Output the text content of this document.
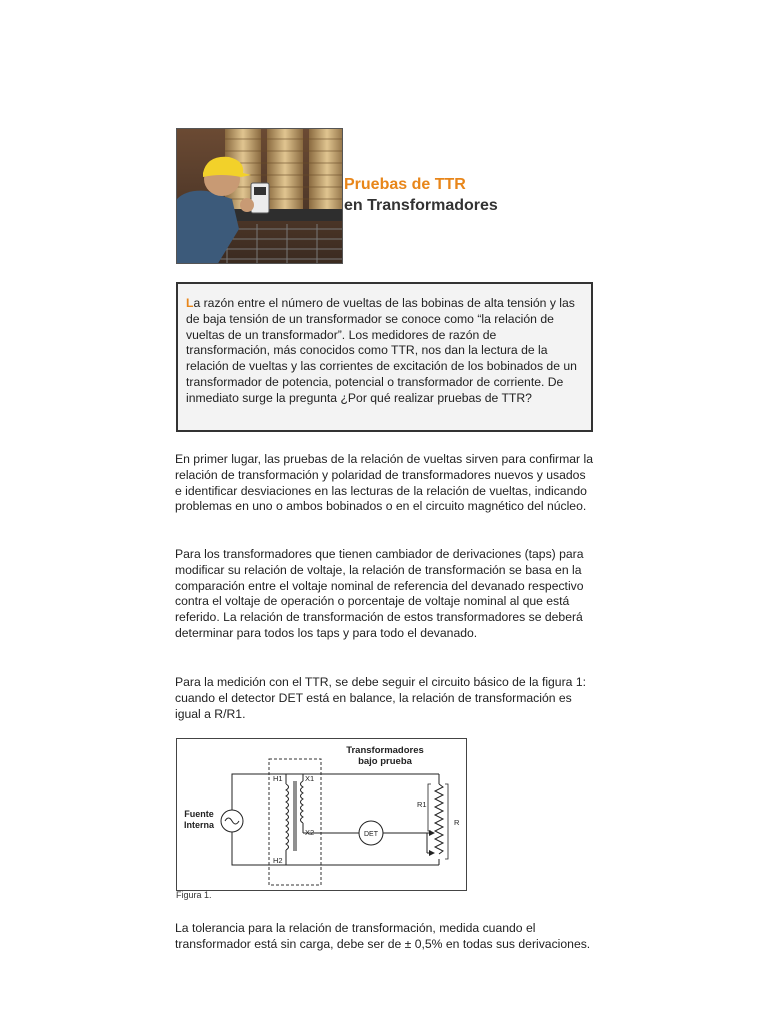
Pruebas de TTR
en Transformadores
La razón entre el número de vueltas de las bobinas de alta tensión y las de baja tensión de un transformador se conoce como “la relación de vueltas de un transformador”. Los medidores de razón de transformación, más conocidos como TTR, nos dan la lectura de la relación de vueltas y las corrientes de excitación de los bobinados de un transformador de potencia, potencial o transformador de corriente. De inmediato surge la pregunta ¿Por qué realizar pruebas de TTR?

En primer lugar, las pruebas de la relación de vueltas sirven para confirmar la relación de transformación y polaridad de transformadores nuevos y usados e identificar desviaciones en las lecturas de la relación de vueltas, indicando problemas en uno o ambos bobinados o en el circuito magnético del núcleo.

Para los transformadores que tienen cambiador de derivaciones (taps) para modificar su relación de voltaje, la relación de transformación se basa en la comparación entre el voltaje nominal de referencia del devanado respectivo contra el voltaje de operación o porcentaje de voltaje nominal al que está referido. La relación de transformación de estos transformadores se deberá determinar para todos los taps y para todo el devanado.

Para la medición con el TTR, se debe seguir el circuito básico de la figura 1: cuando el detector DET está en balance, la relación de transformación es igual a R/R1.

Transformadores
bajo prueba
Fuente
Interna
H1
H2
X1
X2	DET
R1
R
Figura 1.

La tolerancia para la relación de transformación, medida cuando el transformador está sin carga, debe ser de ± 0,5% en todas sus derivaciones.
